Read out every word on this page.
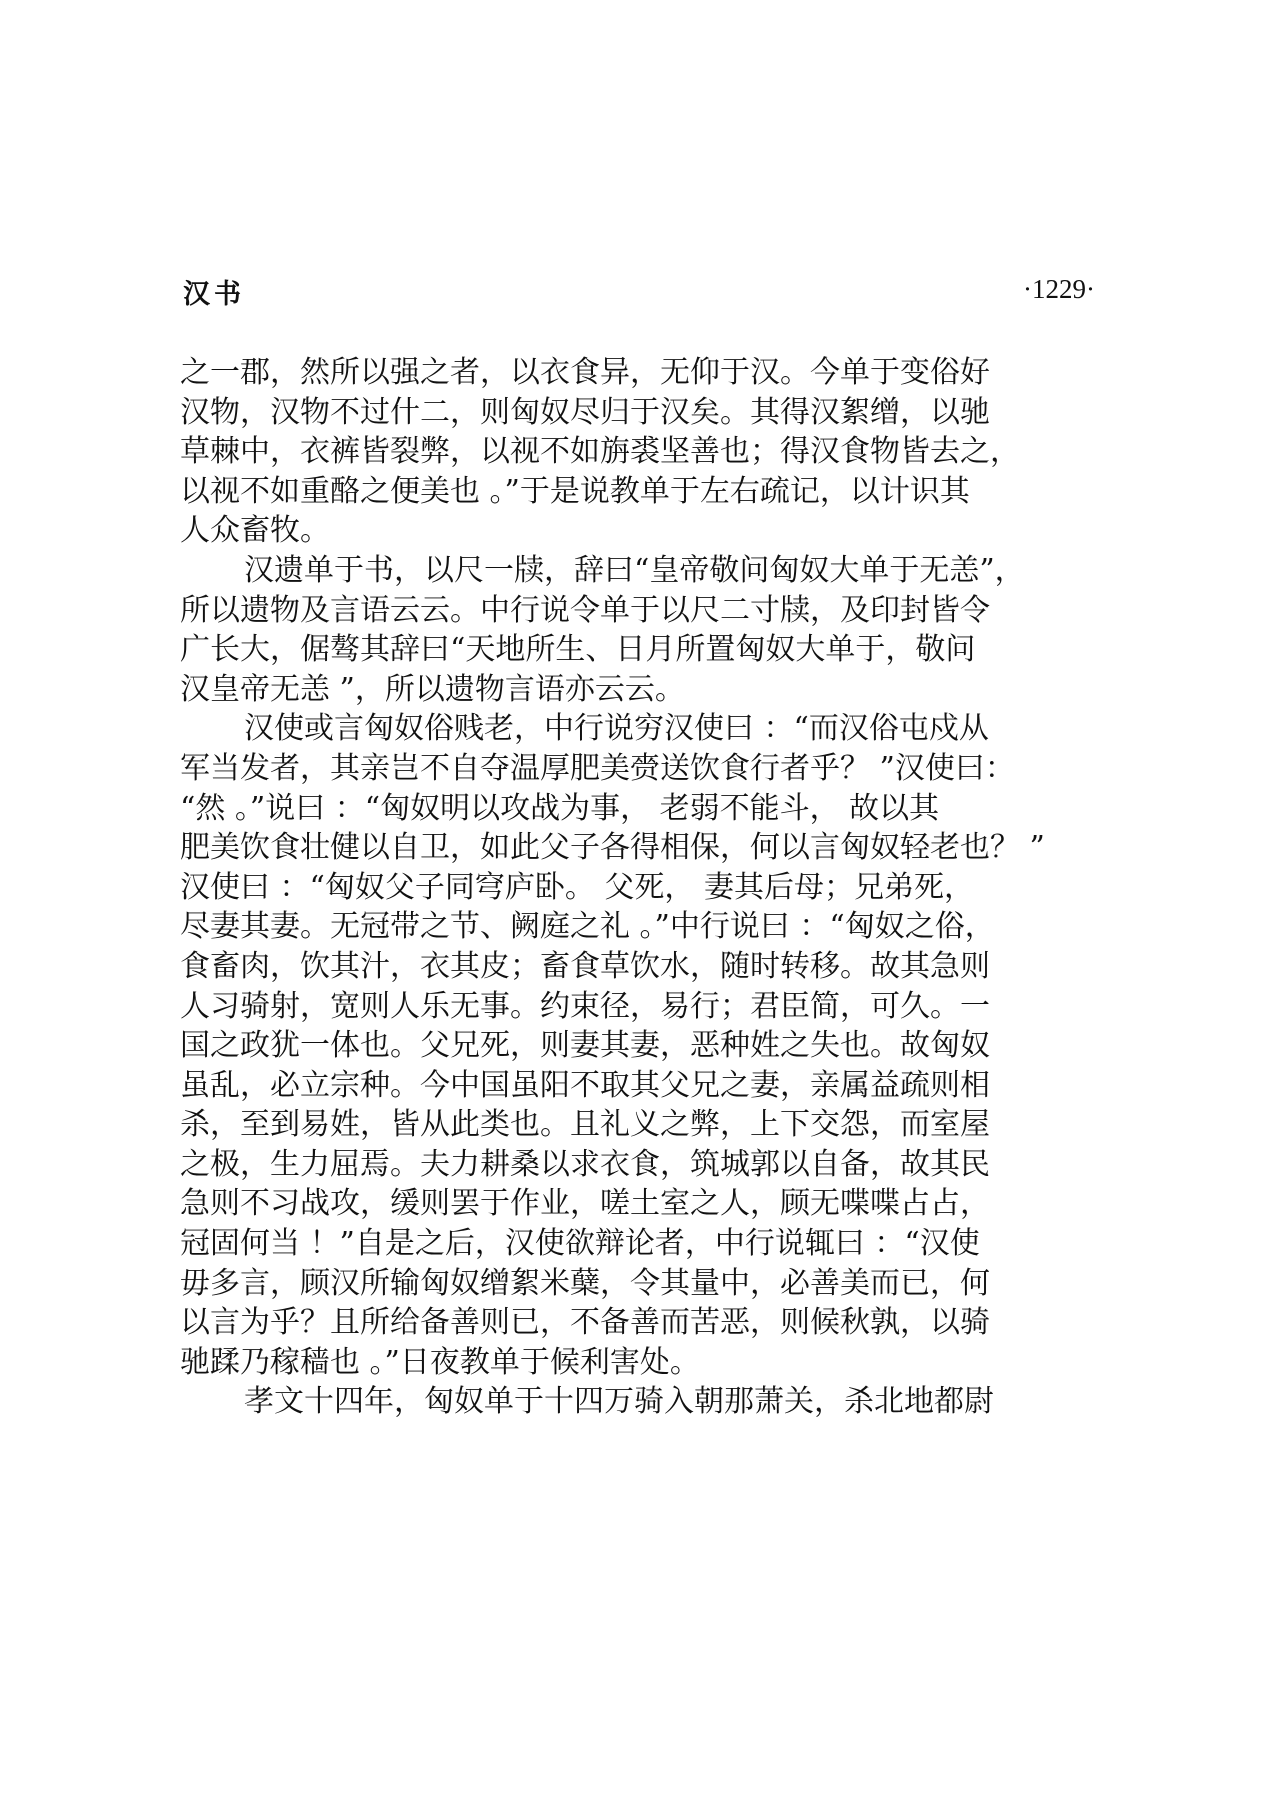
汉书	·1229·
之一郡，然所以强之者，以衣食异，无仰于汉。今单于变俗好
汉物，汉物不过什二，则匈奴尽归于汉矣。其得汉絮缯，以驰
草棘中，衣裤皆裂弊，以视不如旃裘坚善也；得汉食物皆去之，
以视不如重酪之便美也 。”于是说教单于左右疏记，以计识其
人众畜牧。
汉遗单于书，以尺一牍，辞曰“皇帝敬问匈奴大单于无恙”，
所以遗物及言语云云。中行说令单于以尺二寸牍，及印封皆令
广长大，倨骜其辞曰“天地所生、日月所置匈奴大单于，敬问
汉皇帝无恙 ”，所以遗物言语亦云云。
汉使或言匈奴俗贱老，中行说穷汉使曰 ：“而汉俗屯戍从
军当发者，其亲岂不自夺温厚肥美赍送饮食行者乎？ ”汉使曰：
“然 。”说曰 ：“匈奴明以攻战为事， 老弱不能斗， 故以其
肥美饮食壮健以自卫，如此父子各得相保，何以言匈奴轻老也？ ”
汉使曰 ：“匈奴父子同穹庐卧。 父死， 妻其后母；兄弟死，
尽妻其妻。无冠带之节、阙庭之礼 。”中行说曰 ：“匈奴之俗，
食畜肉，饮其汁，衣其皮；畜食草饮水，随时转移。故其急则
人习骑射，宽则人乐无事。约束径，易行；君臣简，可久。一
国之政犹一体也。父兄死，则妻其妻，恶种姓之失也。故匈奴
虽乱，必立宗种。今中国虽阳不取其父兄之妻，亲属益疏则相
杀，至到易姓，皆从此类也。且礼义之弊，上下交怨，而室屋
之极，生力屈焉。夫力耕桑以求衣食，筑城郭以自备，故其民
急则不习战攻，缓则罢于作业，嗟土室之人，顾无喋喋占占，
冠固何当 ！”自是之后，汉使欲辩论者，中行说辄曰 ：“汉使
毋多言，顾汉所输匈奴缯絮米蘖，令其量中，必善美而已，何
以言为乎？且所给备善则已，不备善而苦恶，则候秋孰，以骑
驰蹂乃稼穑也 。”日夜教单于候利害处。
孝文十四年，匈奴单于十四万骑入朝那萧关，杀北地都尉
